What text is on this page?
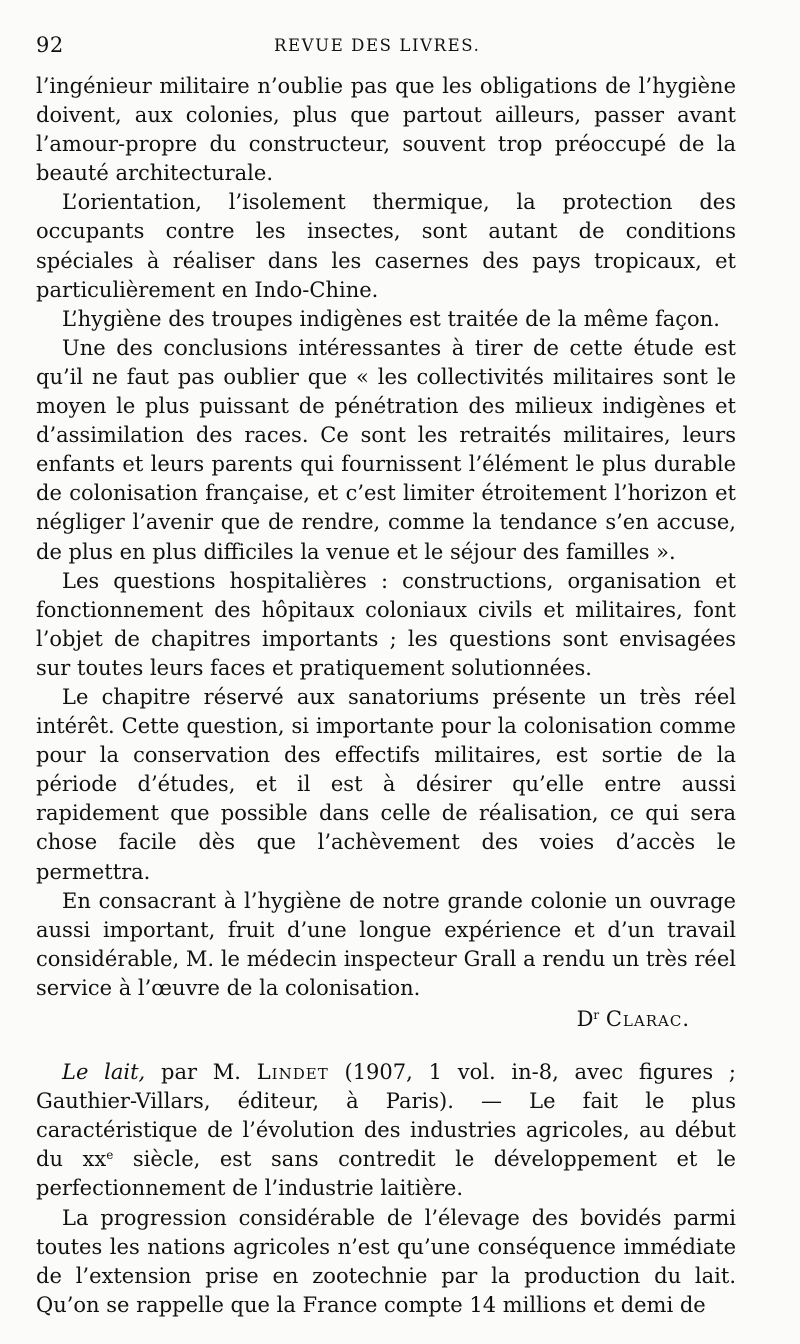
92	REVUE DES LIVRES.

l’ingénieur militaire n’oublie pas que les obligations de l’hygiène doivent, aux colonies, plus que partout ailleurs, passer avant l’amour-propre du constructeur, souvent trop préoccupé de la beauté architecturale.

L’orientation, l’isolement thermique, la protection des occupants contre les insectes, sont autant de conditions spéciales à réaliser dans les casernes des pays tropicaux, et particulièrement en Indo-Chine.

L’hygiène des troupes indigènes est traitée de la même façon.

Une des conclusions intéressantes à tirer de cette étude est qu’il ne faut pas oublier que « les collectivités militaires sont le moyen le plus puissant de pénétration des milieux indigènes et d’assimilation des races. Ce sont les retraités militaires, leurs enfants et leurs parents qui fournissent l’élément le plus durable de colonisation française, et c’est limiter étroitement l’horizon et négliger l’avenir que de rendre, comme la tendance s’en accuse, de plus en plus difficiles la venue et le séjour des familles ».

Les questions hospitalières : constructions, organisation et fonctionnement des hôpitaux coloniaux civils et militaires, font l’objet de chapitres importants ; les questions sont envisagées sur toutes leurs faces et pratiquement solutionnées.

Le chapitre réservé aux sanatoriums présente un très réel intérêt. Cette question, si importante pour la colonisation comme pour la conservation des effectifs militaires, est sortie de la période d’études, et il est à désirer qu’elle entre aussi rapidement que possible dans celle de réalisation, ce qui sera chose facile dès que l’achèvement des voies d’accès le permettra.

En consacrant à l’hygiène de notre grande colonie un ouvrage aussi important, fruit d’une longue expérience et d’un travail considérable, M. le médecin inspecteur Grall a rendu un très réel service à l’œuvre de la colonisation.

$D^r$ Clarac.

Le lait, par M. Lindet (1907, 1 vol. in-8, avec figures ; Gauthier-Villars, éditeur, à Paris). — Le fait le plus caractéristique de l’évolution des industries agricoles, au début du $xx^e$ siècle, est sans contredit le développement et le perfectionnement de l’industrie laitière.

La progression considérable de l’élevage des bovidés parmi toutes les nations agricoles n’est qu’une conséquence immédiate de l’extension prise en zootechnie par la production du lait. Qu’on se rappelle que la France compte 14 millions et demi de
